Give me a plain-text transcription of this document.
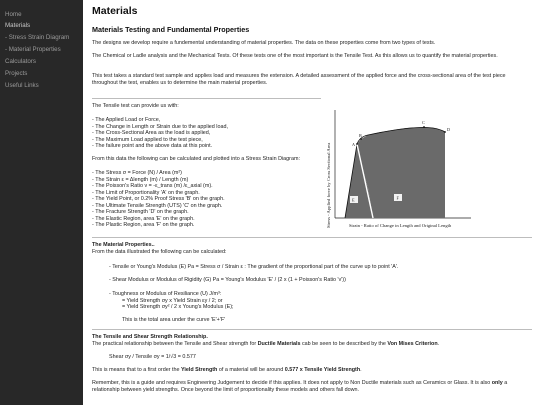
Home
Materials
- Stress Strain Diagram
- Material Properties
Calculators
Projects
Useful Links
Materials
Materials Testing and Fundamental Properties
The designs we develop require a fundemental understanding of material properties. The data on these properties come from two types of tests.
The Chemical or Ladle analysis and the Mechanical Tests. Of these tests one of the most important is the Tensile Test. As this allows us to quantify the material properties.
This test takes a standard test sample and applies load and measures the extension. A detailed assessment of the applied force and the cross-sectional area of the test piece throughout the test, enables us to determine the main material properties.
The Tensile test can provide us with:
- The Applied Load or Force,
- The Change in Length or Strain due to the applied load,
- The Cross-Sectional Area as the load is applied,
- The Maximum Load applied to the test piece,
- The failure point and the above data at this point.
From this data the following can be calculated and plotted into a Stress Strain Diagram:
- The Stress σ = Force (N) / Area (m²)
- The Strain ε = Δlength (m) / Length (m)
- The Poisson's Ratio ν = -ε_trans (m) /ε_axial (m).
- The Limit of Proportionality 'A' on the graph.
- The Yield Point, or 0.2% Proof Stress 'B' on the graph.
- The Ultimate Tensile Strength (UTS) 'C' on the graph.
- The Fracture Strength 'D' on the graph.
- The Elastic Region, area 'E' on the graph.
- The Plastic Region, area 'F' on the graph.	Stress - Applied force by Cross Sectional Area	A
B
C
D
E	F
Strain - Ratio of Change in Length and Original Length
The Material Properties..
From the data illustrated the following can be calculated:
- Tensile or Young's Modulus (E) Pa = Stress σ / Strain ε : The gradient of the proportional part of the curve up to point 'A'.
- Shear Modulus or Modulus of Rigidity (G) Pa = Young's Modulus 'E' / (2 x (1 + Poisson's Ratio 'ν'))
- Toughness or Modulus of Resiliance (U) J/m³:
= Yield Strength σy x Yield Strain εy / 2; or
= Yield Strength σy² / 2 x Young's Modulus (E);
This is the total area under the curve 'E'+'F'
The Tensile and Shear Strength Relationship.
The practical relationship between the Tensile and Shear strength for Ductile Materials cab be seen to be described by the Von Mises Criterion.
Shear σy / Tensile σy = 1/√3 = 0.577
This is means that to a first order the Yield Strength of a material will be around 0.577 x Tensile Yield Strength.
Remember, this is a guide and requires Engineering Judgement to decide if this applies. It does not apply to Non Ductile materials such as Ceramics or Glass. It is also only a relationship between yield strengths. Once beyond the limit of proportionality these models and others fall down.
